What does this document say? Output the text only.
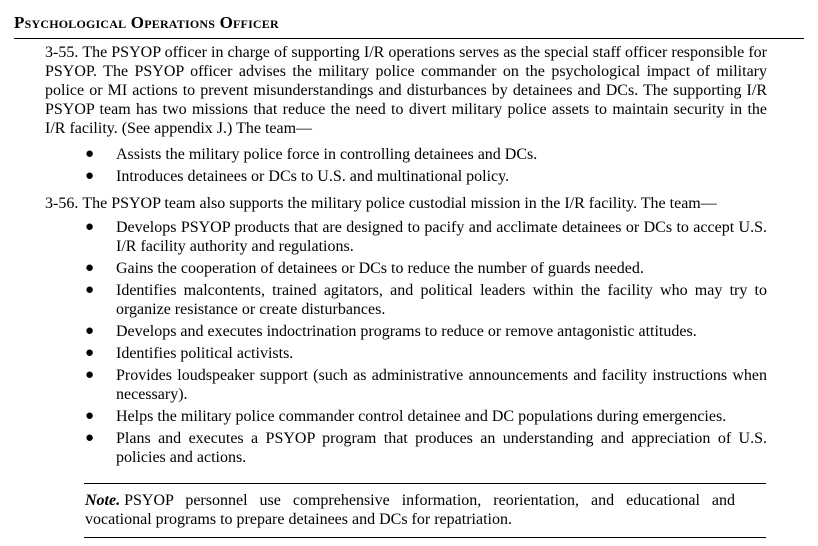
Psychological Operations Officer
3-55. The PSYOP officer in charge of supporting I/R operations serves as the special staff officer responsible for PSYOP. The PSYOP officer advises the military police commander on the psychological impact of military police or MI actions to prevent misunderstandings and disturbances by detainees and DCs. The supporting I/R PSYOP team has two missions that reduce the need to divert military police assets to maintain security in the I/R facility. (See appendix J.) The team—
● Assists the military police force in controlling detainees and DCs.
● Introduces detainees or DCs to U.S. and multinational policy.
3-56. The PSYOP team also supports the military police custodial mission in the I/R facility. The team—
● Develops PSYOP products that are designed to pacify and acclimate detainees or DCs to accept U.S. I/R facility authority and regulations.
● Gains the cooperation of detainees or DCs to reduce the number of guards needed.
● Identifies malcontents, trained agitators, and political leaders within the facility who may try to organize resistance or create disturbances.
● Develops and executes indoctrination programs to reduce or remove antagonistic attitudes.
● Identifies political activists.
● Provides loudspeaker support (such as administrative announcements and facility instructions when necessary).
● Helps the military police commander control detainee and DC populations during emergencies.
● Plans and executes a PSYOP program that produces an understanding and appreciation of U.S. policies and actions.
Note. PSYOP personnel use comprehensive information, reorientation, and educational and vocational programs to prepare detainees and DCs for repatriation.
